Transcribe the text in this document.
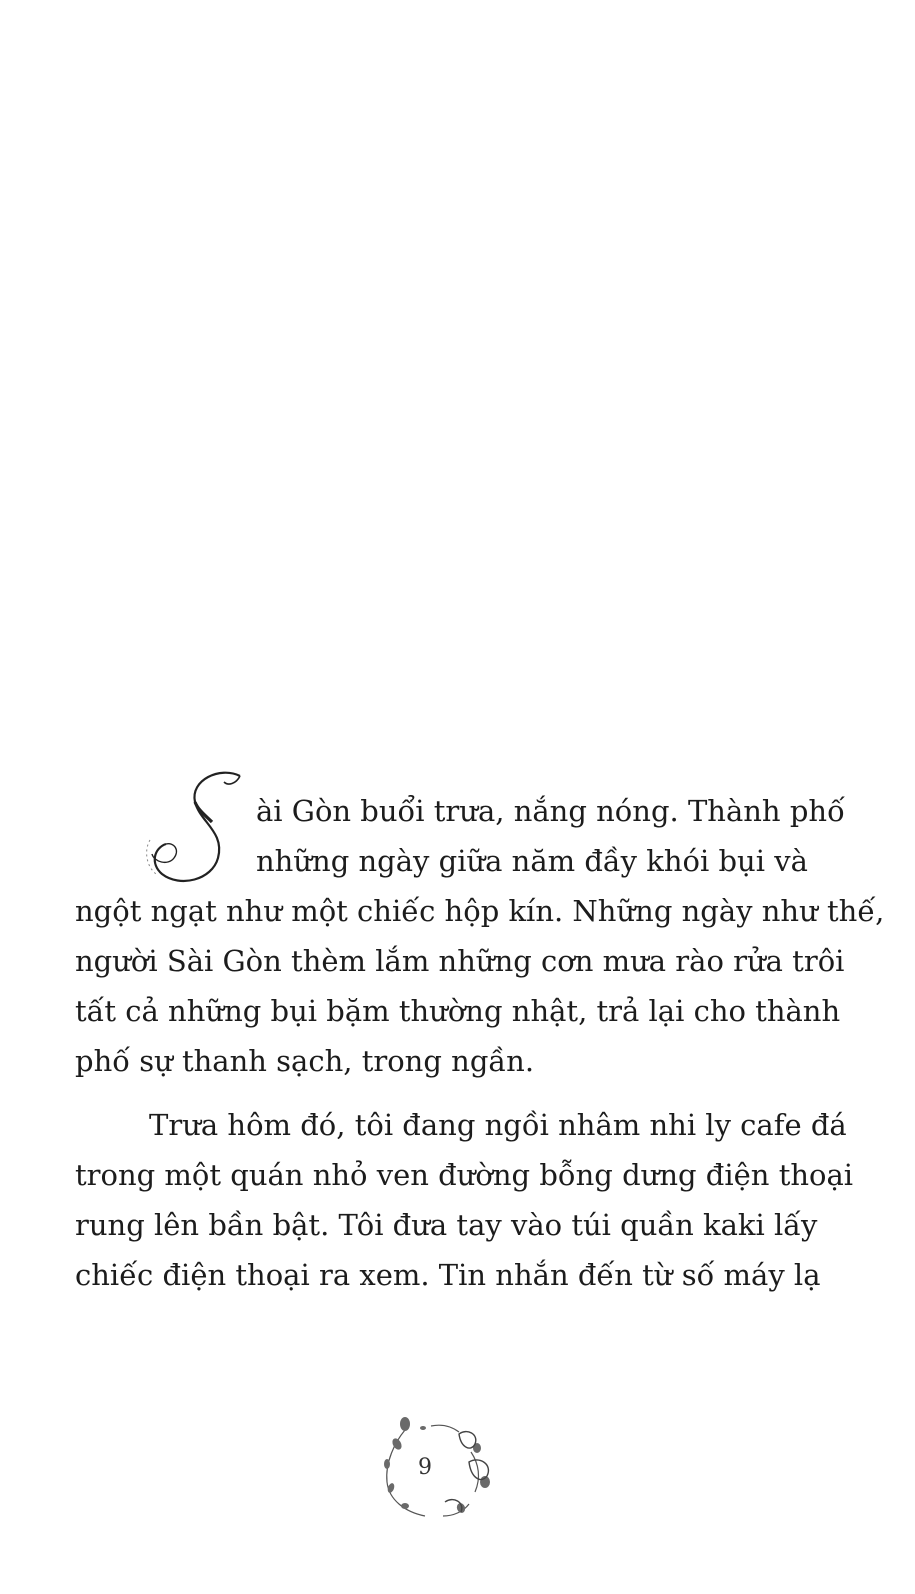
ài Gòn buổi trưa, nắng nóng. Thành phố
những ngày giữa năm đầy khói bụi và
ngột ngạt như một chiếc hộp kín. Những ngày như thế,
người Sài Gòn thèm lắm những cơn mưa rào rửa trôi
tất cả những bụi bặm thường nhật, trả lại cho thành
phố sự thanh sạch, trong ngần.
Trưa hôm đó, tôi đang ngồi nhâm nhi ly cafe đá
trong một quán nhỏ ven đường bỗng dưng điện thoại
rung lên bần bật. Tôi đưa tay vào túi quần kaki lấy
chiếc điện thoại ra xem. Tin nhắn đến từ số máy lạ
9
